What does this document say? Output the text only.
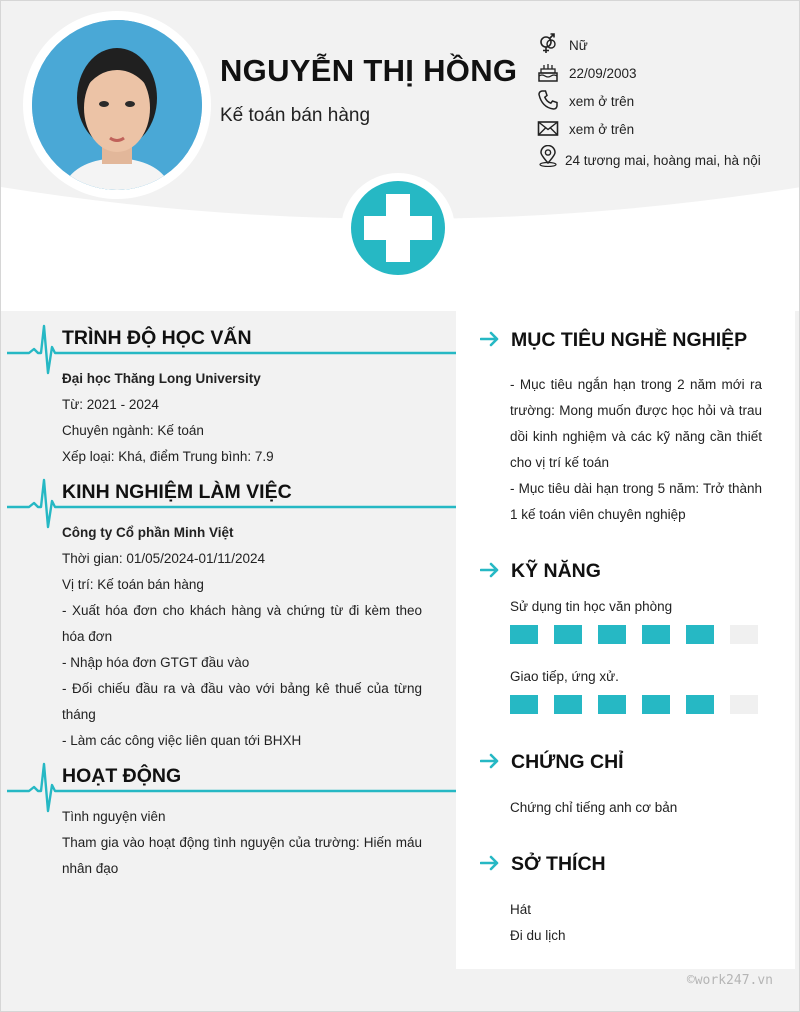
NGUYỄN THỊ HỒNG
Kế toán bán hàng
Nữ
22/09/2003
xem ở trên
xem ở trên
24 tương mai, hoàng mai, hà nội
TRÌNH ĐỘ HỌC VẤN
Đại học Thăng Long University
Từ: 2021 - 2024
Chuyên ngành: Kế toán
Xếp loại: Khá, điểm Trung bình: 7.9
KINH NGHIỆM LÀM VIỆC
Công ty Cổ phần Minh Việt
Thời gian: 01/05/2024-01/11/2024
Vị trí: Kế toán bán hàng
- Xuất hóa đơn cho khách hàng và chứng từ đi kèm theo hóa đơn
- Nhập hóa đơn GTGT đầu vào
- Đối chiếu đầu ra và đầu vào với bảng kê thuế của từng tháng
- Làm các công việc liên quan tới BHXH
HOẠT ĐỘNG
Tình nguyện viên
Tham gia vào hoạt động tình nguyện của trường: Hiến máu nhân đạo
MỤC TIÊU NGHỀ NGHIỆP
- Mục tiêu ngắn hạn trong 2 năm mới ra trường: Mong muốn được học hỏi và trau dồi kinh nghiệm và các kỹ năng cần thiết cho vị trí kế toán
- Mục tiêu dài hạn trong 5 năm: Trở thành 1 kế toán viên chuyên nghiệp
KỸ NĂNG
Sử dụng tin học văn phòng
Giao tiếp, ứng xử.
CHỨNG CHỈ
Chứng chỉ tiếng anh cơ bản
SỞ THÍCH
Hát
Đi du lịch
©work247.vn
